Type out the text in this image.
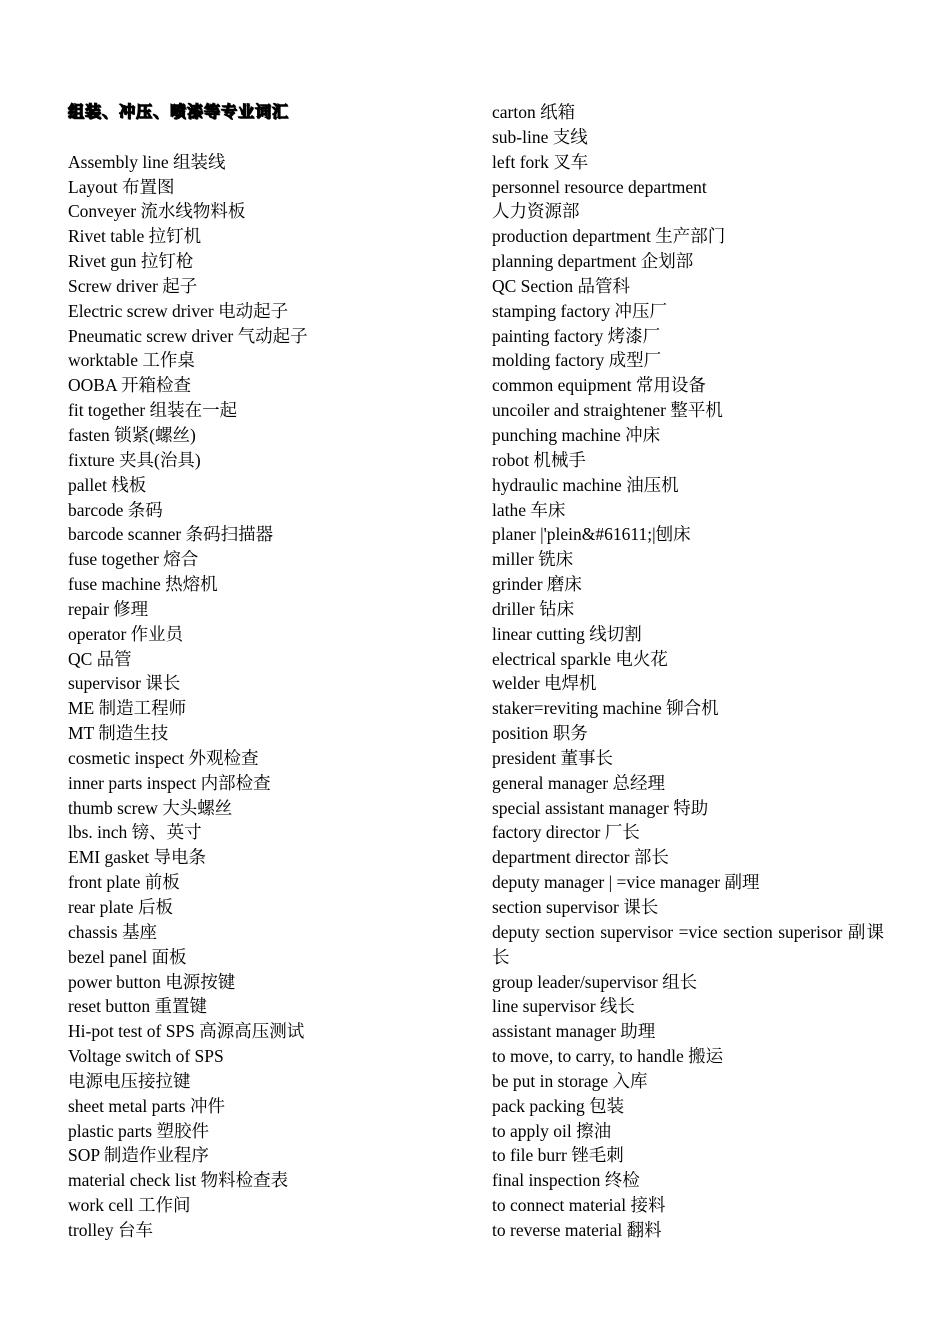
组装、冲压、喷漆等专业词汇
Assembly line 组装线
Layout 布置图
Conveyer 流水线物料板
Rivet table 拉钉机
Rivet gun 拉钉枪
Screw driver 起子
Electric screw driver 电动起子
Pneumatic screw driver 气动起子
worktable 工作桌
OOBA 开箱检查
fit together 组装在一起
fasten 锁紧(螺丝)
fixture 夹具(治具)
pallet 栈板
barcode 条码
barcode scanner 条码扫描器
fuse together 熔合
fuse machine 热熔机
repair 修理
operator 作业员
QC 品管
supervisor 课长
ME 制造工程师
MT 制造生技
cosmetic inspect 外观检查
inner parts inspect 内部检查
thumb screw 大头螺丝
lbs. inch 镑、英寸
EMI gasket 导电条
front plate 前板
rear plate 后板
chassis 基座
bezel panel 面板
power button 电源按键
reset button 重置键
Hi-pot test of SPS 高源高压测试
Voltage switch of SPS
电源电压接拉键
sheet metal parts 冲件
plastic parts 塑胶件
SOP 制造作业程序
material check list 物料检查表
work cell 工作间
trolley 台车
carton 纸箱
sub-line 支线
left fork 叉车
personnel resource department
人力资源部
production department 生产部门
planning department 企划部
QC Section 品管科
stamping factory 冲压厂
painting factory 烤漆厂
molding factory 成型厂
common equipment 常用设备
uncoiler and straightener 整平机
punching machine 冲床
robot 机械手
hydraulic machine 油压机
lathe 车床
planer |'plein&#61611;|刨床
miller 铣床
grinder 磨床
driller 钻床
linear cutting 线切割
electrical sparkle 电火花
welder 电焊机
staker=reviting machine 铆合机
position 职务
president 董事长
general manager 总经理
special assistant manager 特助
factory director 厂长
department director 部长
deputy manager | =vice manager 副理
section supervisor 课长
deputy section supervisor =vice section superisor 副课长
group leader/supervisor 组长
line supervisor 线长
assistant manager 助理
to move, to carry, to handle 搬运
be put in storage 入库
pack packing 包装
to apply oil 擦油
to file burr 锉毛刺
final inspection 终检
to connect material 接料
to reverse material 翻料
